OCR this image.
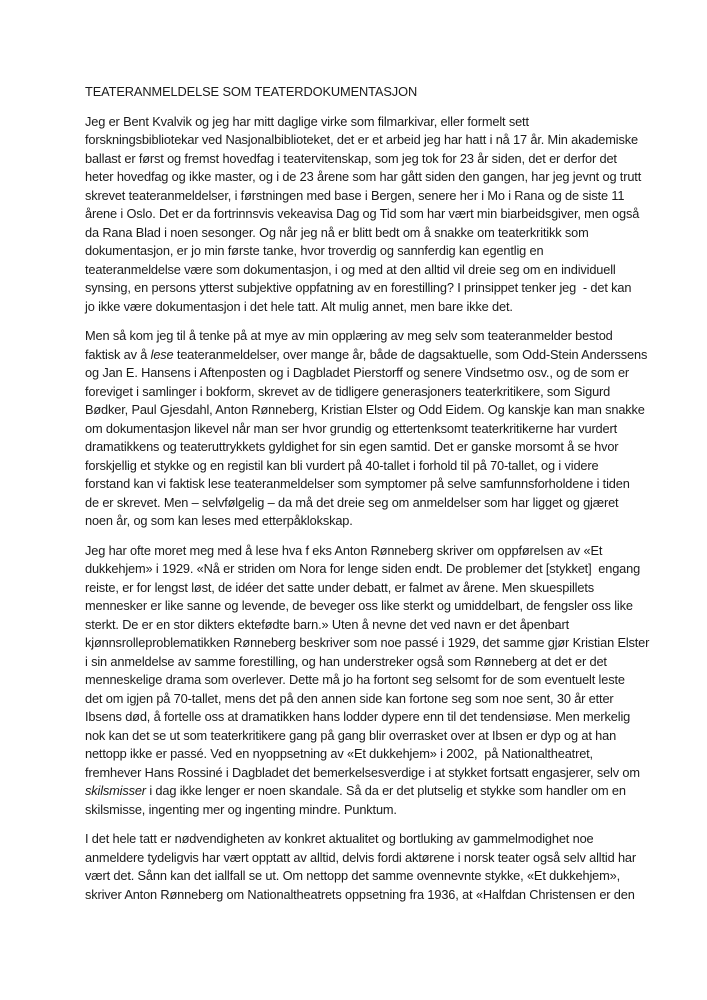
TEATERANMELDELSE SOM TEATERDOKUMENTASJON

Jeg er Bent Kvalvik og jeg har mitt daglige virke som filmarkivar, eller formelt sett
forskningsbibliotekar ved Nasjonalbiblioteket, det er et arbeid jeg har hatt i nå 17 år. Min akademiske
ballast er først og fremst hovedfag i teatervitenskap, som jeg tok for 23 år siden, det er derfor det
heter hovedfag og ikke master, og i de 23 årene som har gått siden den gangen, har jeg jevnt og trutt
skrevet teateranmeldelser, i førstningen med base i Bergen, senere her i Mo i Rana og de siste 11
årene i Oslo. Det er da fortrinnsvis vekeavisa Dag og Tid som har vært min biarbeidsgiver, men også
da Rana Blad i noen sesonger. Og når jeg nå er blitt bedt om å snakke om teaterkritikk som
dokumentasjon, er jo min første tanke, hvor troverdig og sannferdig kan egentlig en
teateranmeldelse være som dokumentasjon, i og med at den alltid vil dreie seg om en individuell
synsing, en persons ytterst subjektive oppfatning av en forestilling? I prinsippet tenker jeg  - det kan
jo ikke være dokumentasjon i det hele tatt. Alt mulig annet, men bare ikke det.

Men så kom jeg til å tenke på at mye av min opplæring av meg selv som teateranmelder bestod
faktisk av å lese teateranmeldelser, over mange år, både de dagsaktuelle, som Odd-Stein Anderssens
og Jan E. Hansens i Aftenposten og i Dagbladet Pierstorff og senere Vindsetmo osv., og de som er
foreviget i samlinger i bokform, skrevet av de tidligere generasjoners teaterkritikere, som Sigurd
Bødker, Paul Gjesdahl, Anton Rønneberg, Kristian Elster og Odd Eidem. Og kanskje kan man snakke
om dokumentasjon likevel når man ser hvor grundig og ettertenksomt teaterkritikerne har vurdert
dramatikkens og teateruttrykkets gyldighet for sin egen samtid. Det er ganske morsomt å se hvor
forskjellig et stykke og en registil kan bli vurdert på 40-tallet i forhold til på 70-tallet, og i videre
forstand kan vi faktisk lese teateranmeldelser som symptomer på selve samfunnsforholdene i tiden
de er skrevet. Men – selvfølgelig – da må det dreie seg om anmeldelser som har ligget og gjæret
noen år, og som kan leses med etterpåklokskap.

Jeg har ofte moret meg med å lese hva f eks Anton Rønneberg skriver om oppførelsen av «Et
dukkehjem» i 1929. «Nå er striden om Nora for lenge siden endt. De problemer det [stykket]  engang
reiste, er for lengst løst, de idéer det satte under debatt, er falmet av årene. Men skuespillets
mennesker er like sanne og levende, de beveger oss like sterkt og umiddelbart, de fengsler oss like
sterkt. De er en stor dikters ektefødte barn.» Uten å nevne det ved navn er det åpenbart
kjønnsrolleproblematikken Rønneberg beskriver som noe passé i 1929, det samme gjør Kristian Elster
i sin anmeldelse av samme forestilling, og han understreker også som Rønneberg at det er det
menneskelige drama som overlever. Dette må jo ha fortont seg selsomt for de som eventuelt leste
det om igjen på 70-tallet, mens det på den annen side kan fortone seg som noe sent, 30 år etter
Ibsens død, å fortelle oss at dramatikken hans lodder dypere enn til det tendensiøse. Men merkelig
nok kan det se ut som teaterkritikere gang på gang blir overrasket over at Ibsen er dyp og at han
nettopp ikke er passé. Ved en nyoppsetning av «Et dukkehjem» i 2002,  på Nationaltheatret,
fremhever Hans Rossiné i Dagbladet det bemerkelsesverdige i at stykket fortsatt engasjerer, selv om
skilsmisser i dag ikke lenger er noen skandale. Så da er det plutselig et stykke som handler om en
skilsmisse, ingenting mer og ingenting mindre. Punktum.

I det hele tatt er nødvendigheten av konkret aktualitet og bortluking av gammelmodighet noe
anmeldere tydeligvis har vært opptatt av alltid, delvis fordi aktørene i norsk teater også selv alltid har
vært det. Sånn kan det iallfall se ut. Om nettopp det samme ovennevnte stykke, «Et dukkehjem»,
skriver Anton Rønneberg om Nationaltheatrets oppsetning fra 1936, at «Halfdan Christensen er den
